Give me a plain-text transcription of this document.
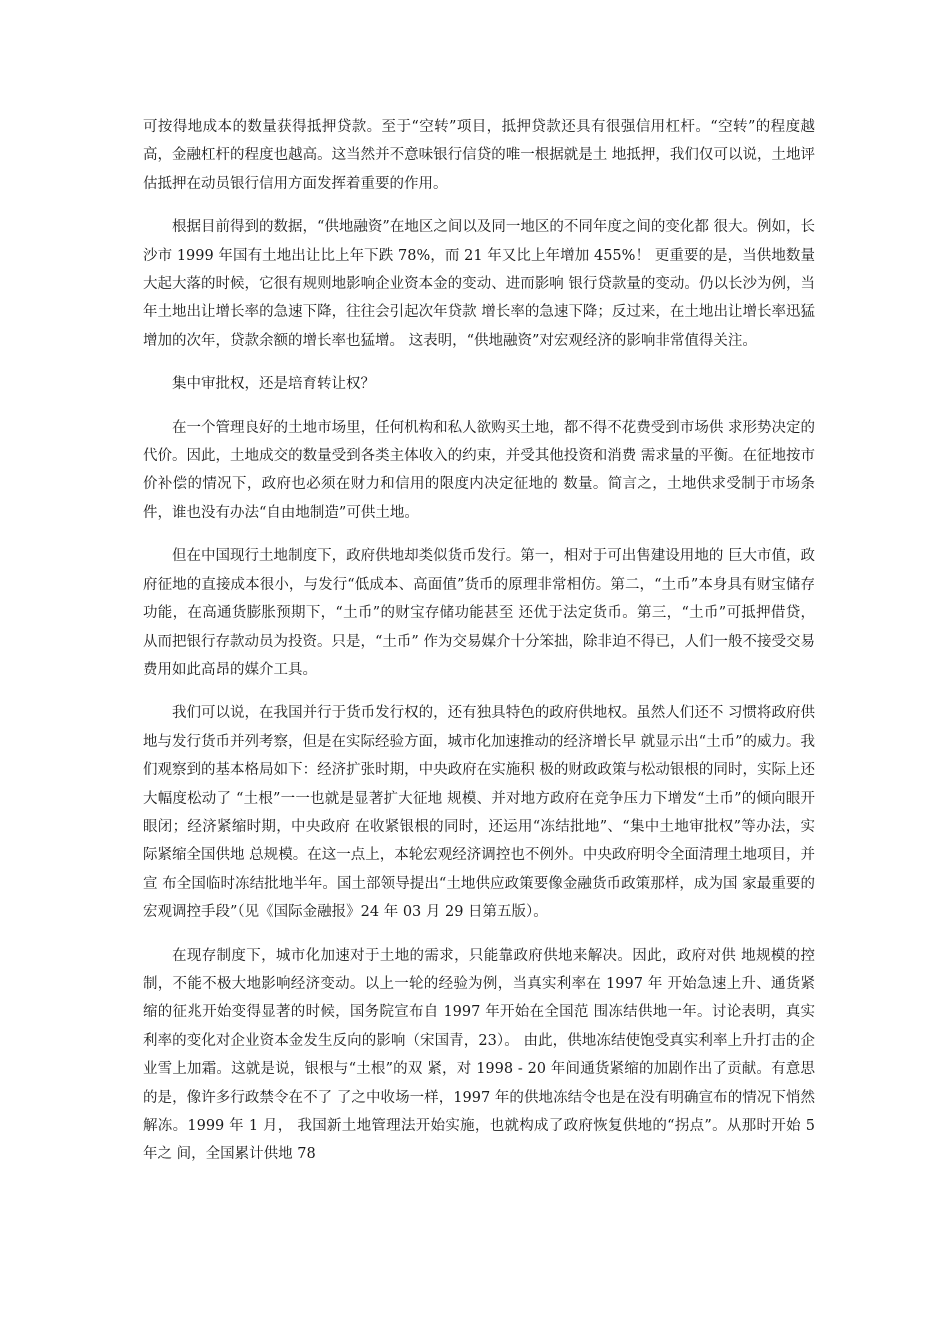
可按得地成本的数量获得抵押贷款。至于“空转”项目，抵押贷款还具有很强信用杠杆。“空转”的程度越高，金融杠杆的程度也越高。这当然并不意味银行信贷的唯一根据就是土 地抵押，我们仅可以说，土地评估抵押在动员银行信用方面发挥着重要的作用。

根据目前得到的数据，“供地融资”在地区之间以及同一地区的不同年度之间的变化都 很大。例如，长沙市 1999 年国有土地出让比上年下跌 78%，而 21 年又比上年增加 455%！ 更重要的是，当供地数量大起大落的时候，它很有规则地影响企业资本金的变动、进而影响 银行贷款量的变动。仍以长沙为例，当年土地出让增长率的急速下降，往往会引起次年贷款 增长率的急速下降；反过来，在土地出让增长率迅猛增加的次年，贷款余额的增长率也猛增。 这表明，“供地融资”对宏观经济的影响非常值得关注。

集中审批权，还是培育转让权？

在一个管理良好的土地市场里，任何机构和私人欲购买土地，都不得不花费受到市场供 求形势决定的代价。因此，土地成交的数量受到各类主体收入的约束，并受其他投资和消费 需求量的平衡。在征地按市价补偿的情况下，政府也必须在财力和信用的限度内决定征地的 数量。简言之，土地供求受制于市场条件，谁也没有办法“自由地制造”可供土地。

但在中国现行土地制度下，政府供地却类似货币发行。第一，相对于可出售建设用地的 巨大市值，政府征地的直接成本很小，与发行“低成本、高面值”货币的原理非常相仿。第二，“土币”本身具有财宝储存功能，在高通货膨胀预期下，“土币”的财宝存储功能甚至 还优于法定货币。第三，“土币”可抵押借贷，从而把银行存款动员为投资。只是，“土币” 作为交易媒介十分笨拙，除非迫不得已，人们一般不接受交易费用如此高昂的媒介工具。

我们可以说，在我国并行于货币发行权的，还有独具特色的政府供地权。虽然人们还不 习惯将政府供地与发行货币并列考察，但是在实际经验方面，城市化加速推动的经济增长早 就显示出“土币”的威力。我们观察到的基本格局如下：经济扩张时期，中央政府在实施积 极的财政政策与松动银根的同时，实际上还大幅度松动了 “土根”一一也就是显著扩大征地 规模、并对地方政府在竞争压力下增发“土币”的倾向眼开眼闭；经济紧缩时期，中央政府 在收紧银根的同时，还运用“冻结批地”、“集中土地审批权”等办法，实际紧缩全国供地 总规模。在这一点上，本轮宏观经济调控也不例外。中央政府明令全面清理土地项目，并宣 布全国临时冻结批地半年。国土部领导提出“土地供应政策要像金融货币政策那样，成为国 家最重要的宏观调控手段”（见《国际金融报》24 年 03 月 29 日第五版）。

在现存制度下，城市化加速对于土地的需求，只能靠政府供地来解决。因此，政府对供 地规模的控制，不能不极大地影响经济变动。以上一轮的经验为例，当真实利率在 1997 年 开始急速上升、通货紧缩的征兆开始变得显著的时候，国务院宣布自 1997 年开始在全国范 围冻结供地一年。讨论表明，真实利率的变化对企业资本金发生反向的影响（宋国青，23）。 由此，供地冻结使饱受真实利率上升打击的企业雪上加霜。这就是说，银根与“土根”的双 紧，对 1998 - 20 年间通货紧缩的加剧作出了贡献。有意思的是，像许多行政禁令在不了 了之中收场一样，1997 年的供地冻结令也是在没有明确宣布的情况下悄然解冻。1999 年 1 月， 我国新土地管理法开始实施，也就构成了政府恢复供地的“拐点”。从那时开始 5 年之 间，全国累计供地 78
